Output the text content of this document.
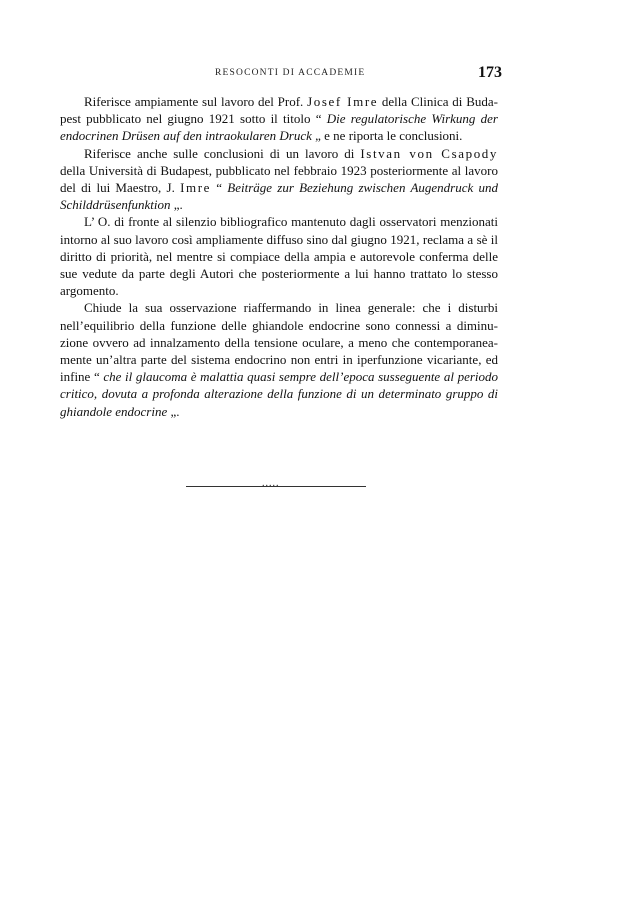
RESOCONTI DI ACCADEMIE	173

Riferisce ampiamente sul lavoro del Prof. Josef Imre della Clinica di Budapest pubblicato nel giugno 1921 sotto il titolo “ Die regulatorische Wirkung der endocrinen Drüsen auf den intraokularen Druck „ e ne riporta le conclusioni.

Riferisce anche sulle conclusioni di un lavoro di Istvan von Csapody della Università di Budapest, pubblicato nel febbraio 1923 posteriormente al lavoro del di lui Maestro, J. Imre “ Beiträge zur Beziehung zwischen Augendruck und Schilddrüsenfunktion „.

L’ O. di fronte al silenzio bibliografico mantenuto dagli osservatori menzionati intorno al suo lavoro così ampliamente diffuso sino dal giugno 1921, reclama a sè il diritto di priorità, nel mentre si compiace della ampia e autorevole conferma delle sue vedute da parte degli Autori che posteriormente a lui hanno trattato lo stesso argomento.

Chiude la sua osservazione riaffermando in linea generale: che i disturbi nell’equilibrio della funzione delle ghiandole endocrine sono connessi a diminuzione ovvero ad innalzamento della tensione oculare, a meno che contemporaneamente un’altra parte del sistema endocrino non entri in iperfunzione vicariante, ed infine “ che il glaucoma è malattia quasi sempre dell’epoca susseguente al periodo critico, dovuta a profonda alterazione della funzione di un determinato gruppo di ghiandole endocrine „.

.....
